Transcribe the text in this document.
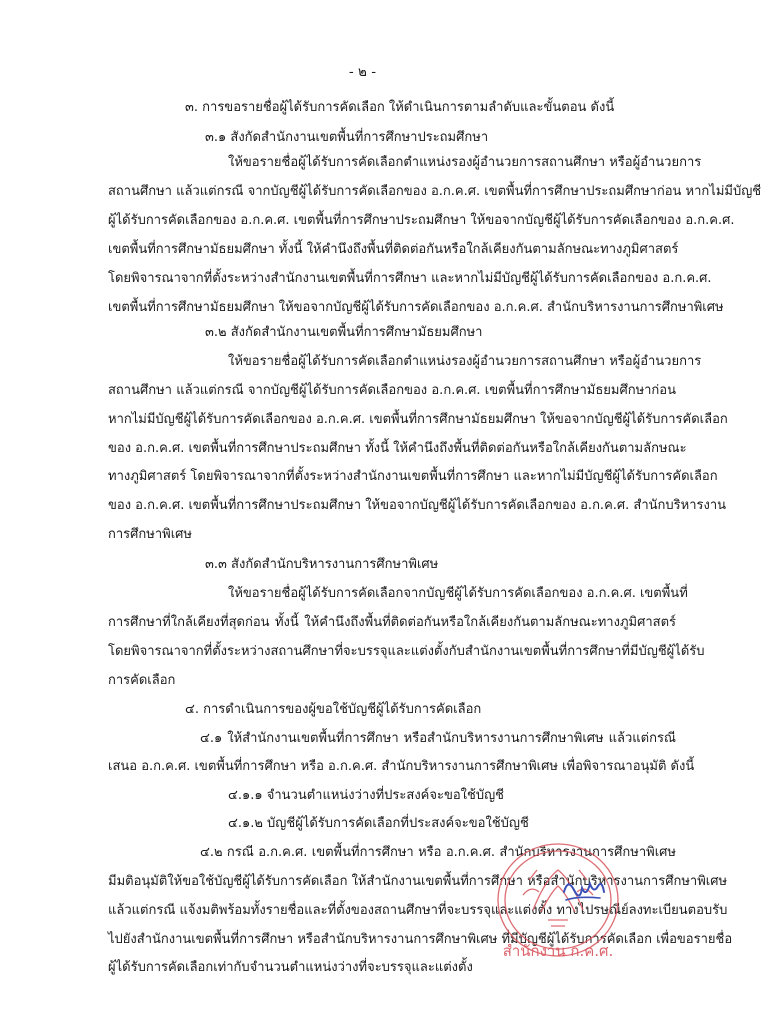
- ๒ -
๓. การขอรายชื่อผู้ได้รับการคัดเลือก ให้ดำเนินการตามลำดับและขั้นตอน ดังนี้
๓.๑ สังกัดสำนักงานเขตพื้นที่การศึกษาประถมศึกษา
ให้ขอรายชื่อผู้ได้รับการคัดเลือกตำแหน่งรองผู้อำนวยการสถานศึกษา หรือผู้อำนวยการ
สถานศึกษา แล้วแต่กรณี จากบัญชีผู้ได้รับการคัดเลือกของ อ.ก.ค.ศ. เขตพื้นที่การศึกษาประถมศึกษาก่อน หากไม่มีบัญชี
ผู้ได้รับการคัดเลือกของ อ.ก.ค.ศ. เขตพื้นที่การศึกษาประถมศึกษา ให้ขอจากบัญชีผู้ได้รับการคัดเลือกของ อ.ก.ค.ศ.
เขตพื้นที่การศึกษามัธยมศึกษา ทั้งนี้ ให้คำนึงถึงพื้นที่ติดต่อกันหรือใกล้เคียงกันตามลักษณะทางภูมิศาสตร์
โดยพิจารณาจากที่ตั้งระหว่างสำนักงานเขตพื้นที่การศึกษา และหากไม่มีบัญชีผู้ได้รับการคัดเลือกของ อ.ก.ค.ศ.
เขตพื้นที่การศึกษามัธยมศึกษา ให้ขอจากบัญชีผู้ได้รับการคัดเลือกของ อ.ก.ค.ศ. สำนักบริหารงานการศึกษาพิเศษ
๓.๒ สังกัดสำนักงานเขตพื้นที่การศึกษามัธยมศึกษา
ให้ขอรายชื่อผู้ได้รับการคัดเลือกตำแหน่งรองผู้อำนวยการสถานศึกษา หรือผู้อำนวยการ
สถานศึกษา แล้วแต่กรณี จากบัญชีผู้ได้รับการคัดเลือกของ อ.ก.ค.ศ. เขตพื้นที่การศึกษามัธยมศึกษาก่อน
หากไม่มีบัญชีผู้ได้รับการคัดเลือกของ อ.ก.ค.ศ. เขตพื้นที่การศึกษามัธยมศึกษา ให้ขอจากบัญชีผู้ได้รับการคัดเลือก
ของ อ.ก.ค.ศ. เขตพื้นที่การศึกษาประถมศึกษา ทั้งนี้ ให้คำนึงถึงพื้นที่ติดต่อกันหรือใกล้เคียงกันตามลักษณะ
ทางภูมิศาสตร์ โดยพิจารณาจากที่ตั้งระหว่างสำนักงานเขตพื้นที่การศึกษา และหากไม่มีบัญชีผู้ได้รับการคัดเลือก
ของ อ.ก.ค.ศ. เขตพื้นที่การศึกษาประถมศึกษา ให้ขอจากบัญชีผู้ได้รับการคัดเลือกของ อ.ก.ค.ศ. สำนักบริหารงาน
การศึกษาพิเศษ
๓.๓ สังกัดสำนักบริหารงานการศึกษาพิเศษ
ให้ขอรายชื่อผู้ได้รับการคัดเลือกจากบัญชีผู้ได้รับการคัดเลือกของ อ.ก.ค.ศ. เขตพื้นที่
การศึกษาที่ใกล้เคียงที่สุดก่อน ทั้งนี้ ให้คำนึงถึงพื้นที่ติดต่อกันหรือใกล้เคียงกันตามลักษณะทางภูมิศาสตร์
โดยพิจารณาจากที่ตั้งระหว่างสถานศึกษาที่จะบรรจุและแต่งตั้งกับสำนักงานเขตพื้นที่การศึกษาที่มีบัญชีผู้ได้รับ
การคัดเลือก
๔. การดำเนินการของผู้ขอใช้บัญชีผู้ได้รับการคัดเลือก
๔.๑ ให้สำนักงานเขตพื้นที่การศึกษา หรือสำนักบริหารงานการศึกษาพิเศษ แล้วแต่กรณี
เสนอ อ.ก.ค.ศ. เขตพื้นที่การศึกษา หรือ อ.ก.ค.ศ. สำนักบริหารงานการศึกษาพิเศษ เพื่อพิจารณาอนุมัติ ดังนี้
๔.๑.๑ จำนวนตำแหน่งว่างที่ประสงค์จะขอใช้บัญชี
๔.๑.๒ บัญชีผู้ได้รับการคัดเลือกที่ประสงค์จะขอใช้บัญชี
๔.๒ กรณี อ.ก.ค.ศ. เขตพื้นที่การศึกษา หรือ อ.ก.ค.ศ. สำนักบริหารงานการศึกษาพิเศษ
มีมติอนุมัติให้ขอใช้บัญชีผู้ได้รับการคัดเลือก ให้สำนักงานเขตพื้นที่การศึกษา หรือสำนักบริหารงานการศึกษาพิเศษ
แล้วแต่กรณี แจ้งมติพร้อมทั้งรายชื่อและที่ตั้งของสถานศึกษาที่จะบรรจุและแต่งตั้ง ทางไปรษณีย์ลงทะเบียนตอบรับ
ไปยังสำนักงานเขตพื้นที่การศึกษา หรือสำนักบริหารงานการศึกษาพิเศษ ที่มีบัญชีผู้ได้รับการคัดเลือก เพื่อขอรายชื่อ
ผู้ได้รับการคัดเลือกเท่ากับจำนวนตำแหน่งว่างที่จะบรรจุและแต่งตั้ง
สำนักงาน ก.ค.ศ.
